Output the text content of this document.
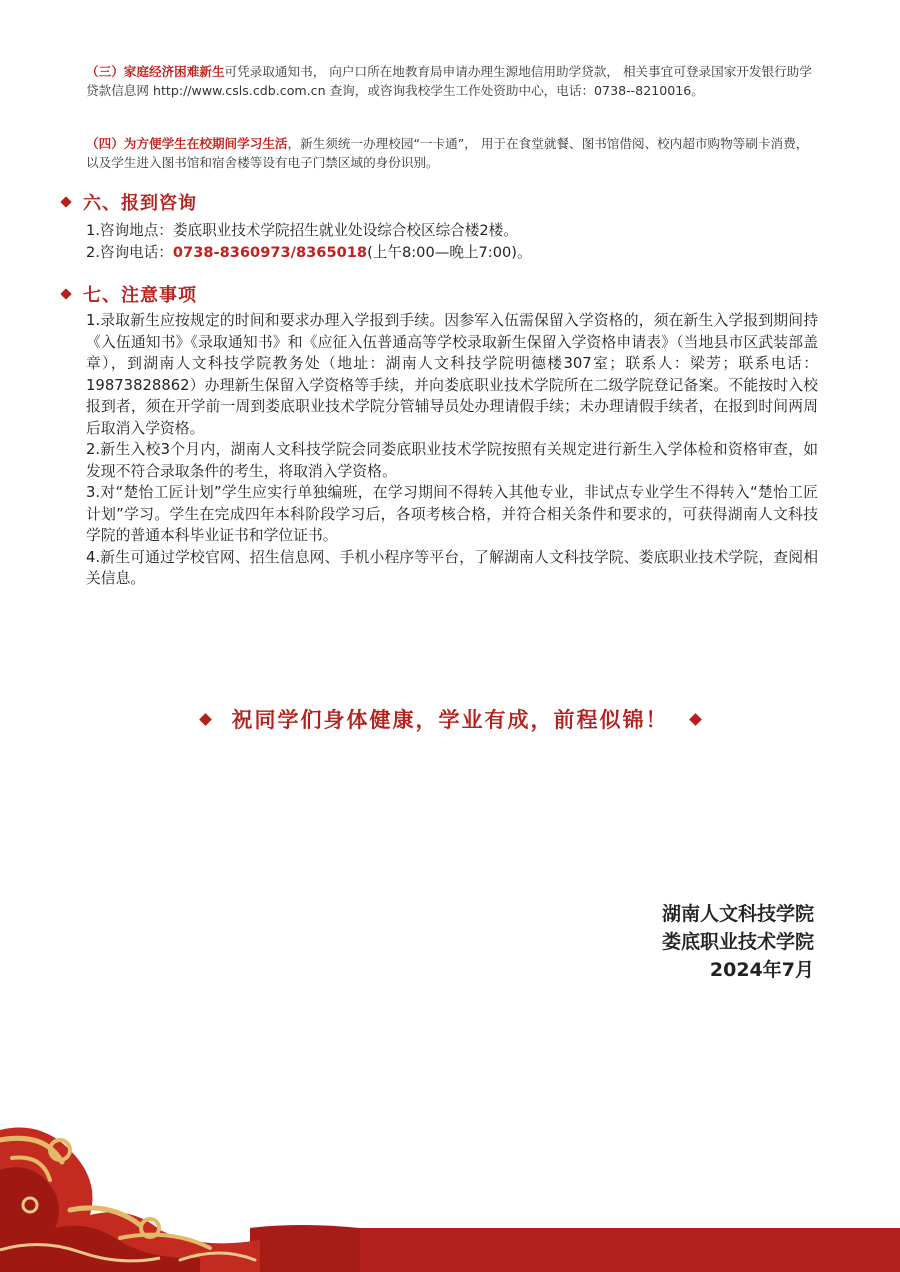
（三）家庭经济困难新生可凭录取通知书， 向户口所在地教育局申请办理生源地信用助学贷款， 相关事宜可登录国家开发银行助学贷款信息网 http://www.csls.cdb.com.cn 查询，或咨询我校学生工作处资助中心，电话：0738--8210016。

（四）为方便学生在校期间学习生活，新生须统一办理校园“一卡通”， 用于在食堂就餐、图书馆借阅、校内超市购物等刷卡消费，以及学生进入图书馆和宿舍楼等设有电子门禁区域的身份识别。

六、报到咨询

1.咨询地点：娄底职业技术学院招生就业处设综合校区综合楼2楼。

2.咨询电话：0738-8360973/8365018(上午8:00—晚上7:00)。

七、注意事项

1.录取新生应按规定的时间和要求办理入学报到手续。因参军入伍需保留入学资格的，须在新生入学报到期间持《入伍通知书》《录取通知书》和《应征入伍普通高等学校录取新生保留入学资格申请表》（当地县市区武装部盖章），到湖南人文科技学院教务处（地址：湖南人文科技学院明德楼307室；联系人：梁芳；联系电话：19873828862）办理新生保留入学资格等手续，并向娄底职业技术学院所在二级学院登记备案。不能按时入校报到者，须在开学前一周到娄底职业技术学院分管辅导员处办理请假手续；未办理请假手续者，在报到时间两周后取消入学资格。

2.新生入校3个月内，湖南人文科技学院会同娄底职业技术学院按照有关规定进行新生入学体检和资格审查，如发现不符合录取条件的考生，将取消入学资格。

3.对“楚怡工匠计划”学生应实行单独编班，在学习期间不得转入其他专业，非试点专业学生不得转入“楚怡工匠计划”学习。学生在完成四年本科阶段学习后，各项考核合格，并符合相关条件和要求的，可获得湖南人文科技学院的普通本科毕业证书和学位证书。

4.新生可通过学校官网、招生信息网、手机小程序等平台，了解湖南人文科技学院、娄底职业技术学院，查阅相关信息。

祝同学们身体健康，学业有成，前程似锦！
湖南人文科技学院
娄底职业技术学院
2024年7月
